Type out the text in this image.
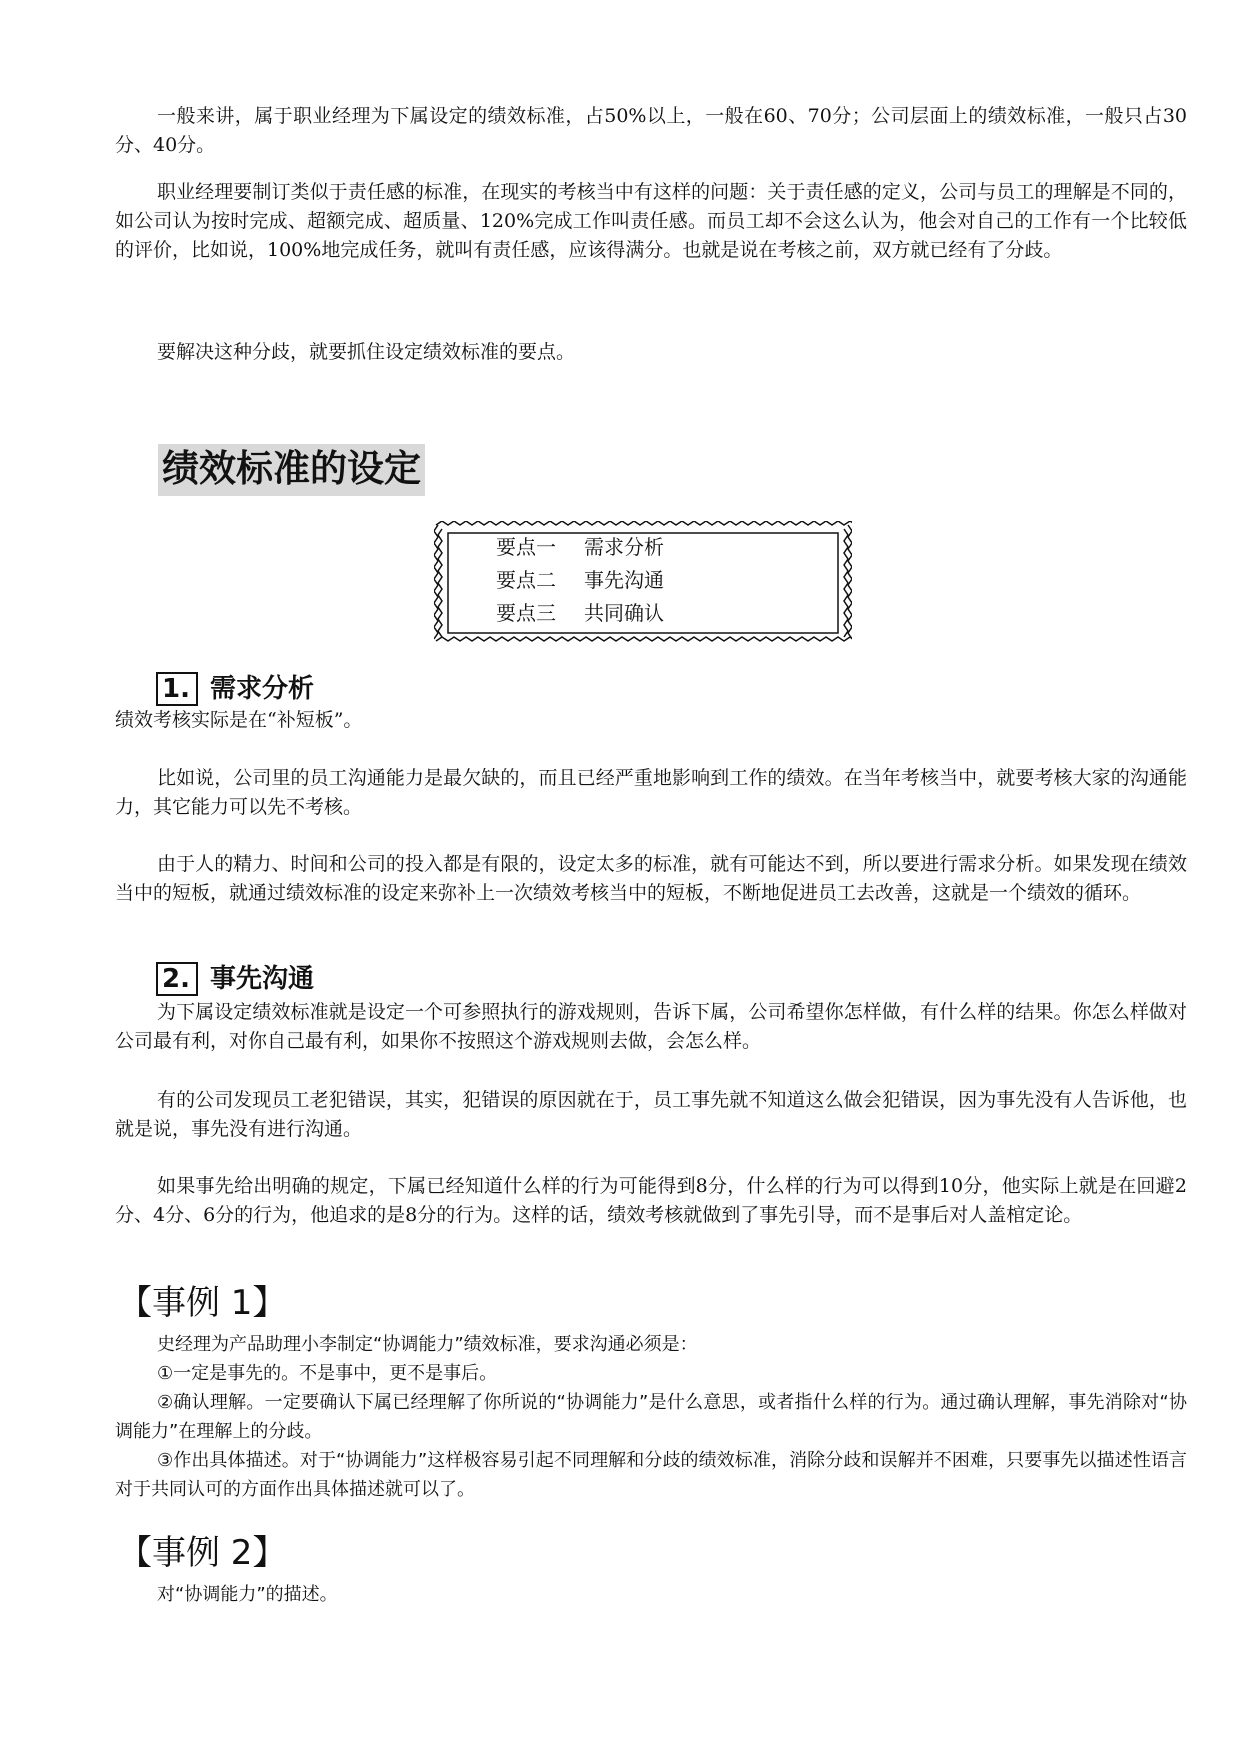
一般来讲，属于职业经理为下属设定的绩效标准，占50%以上，一般在60、70分；公司层面上的绩效标准，一般只占30分、40分。

职业经理要制订类似于责任感的标准，在现实的考核当中有这样的问题：关于责任感的定义，公司与员工的理解是不同的，如公司认为按时完成、超额完成、超质量、120%完成工作叫责任感。而员工却不会这么认为，他会对自己的工作有一个比较低的评价，比如说，100%地完成任务，就叫有责任感，应该得满分。也就是说在考核之前，双方就已经有了分歧。

要解决这种分歧，就要抓住设定绩效标准的要点。

绩效标准的设定
要点一 需求分析
要点二 事先沟通
要点三 共同确认
1. 需求分析

绩效考核实际是在“补短板”。

比如说，公司里的员工沟通能力是最欠缺的，而且已经严重地影响到工作的绩效。在当年考核当中，就要考核大家的沟通能力，其它能力可以先不考核。

由于人的精力、时间和公司的投入都是有限的，设定太多的标准，就有可能达不到，所以要进行需求分析。如果发现在绩效当中的短板，就通过绩效标准的设定来弥补上一次绩效考核当中的短板，不断地促进员工去改善，这就是一个绩效的循环。

2. 事先沟通

为下属设定绩效标准就是设定一个可参照执行的游戏规则，告诉下属，公司希望你怎样做，有什么样的结果。你怎么样做对公司最有利，对你自己最有利，如果你不按照这个游戏规则去做，会怎么样。

有的公司发现员工老犯错误，其实，犯错误的原因就在于，员工事先就不知道这么做会犯错误，因为事先没有人告诉他，也就是说，事先没有进行沟通。

如果事先给出明确的规定，下属已经知道什么样的行为可能得到8分，什么样的行为可以得到10分，他实际上就是在回避2分、4分、6分的行为，他追求的是8分的行为。这样的话，绩效考核就做到了事先引导，而不是事后对人盖棺定论。

【事例 1】
史经理为产品助理小李制定“协调能力”绩效标准，要求沟通必须是：
①一定是事先的。不是事中，更不是事后。
②确认理解。一定要确认下属已经理解了你所说的“协调能力”是什么意思，或者指什么样的行为。通过确认理解，事先消除对“协调能力”在理解上的分歧。
③作出具体描述。对于“协调能力”这样极容易引起不同理解和分歧的绩效标准，消除分歧和误解并不困难，只要事先以描述性语言对于共同认可的方面作出具体描述就可以了。
【事例 2】
对“协调能力”的描述。
